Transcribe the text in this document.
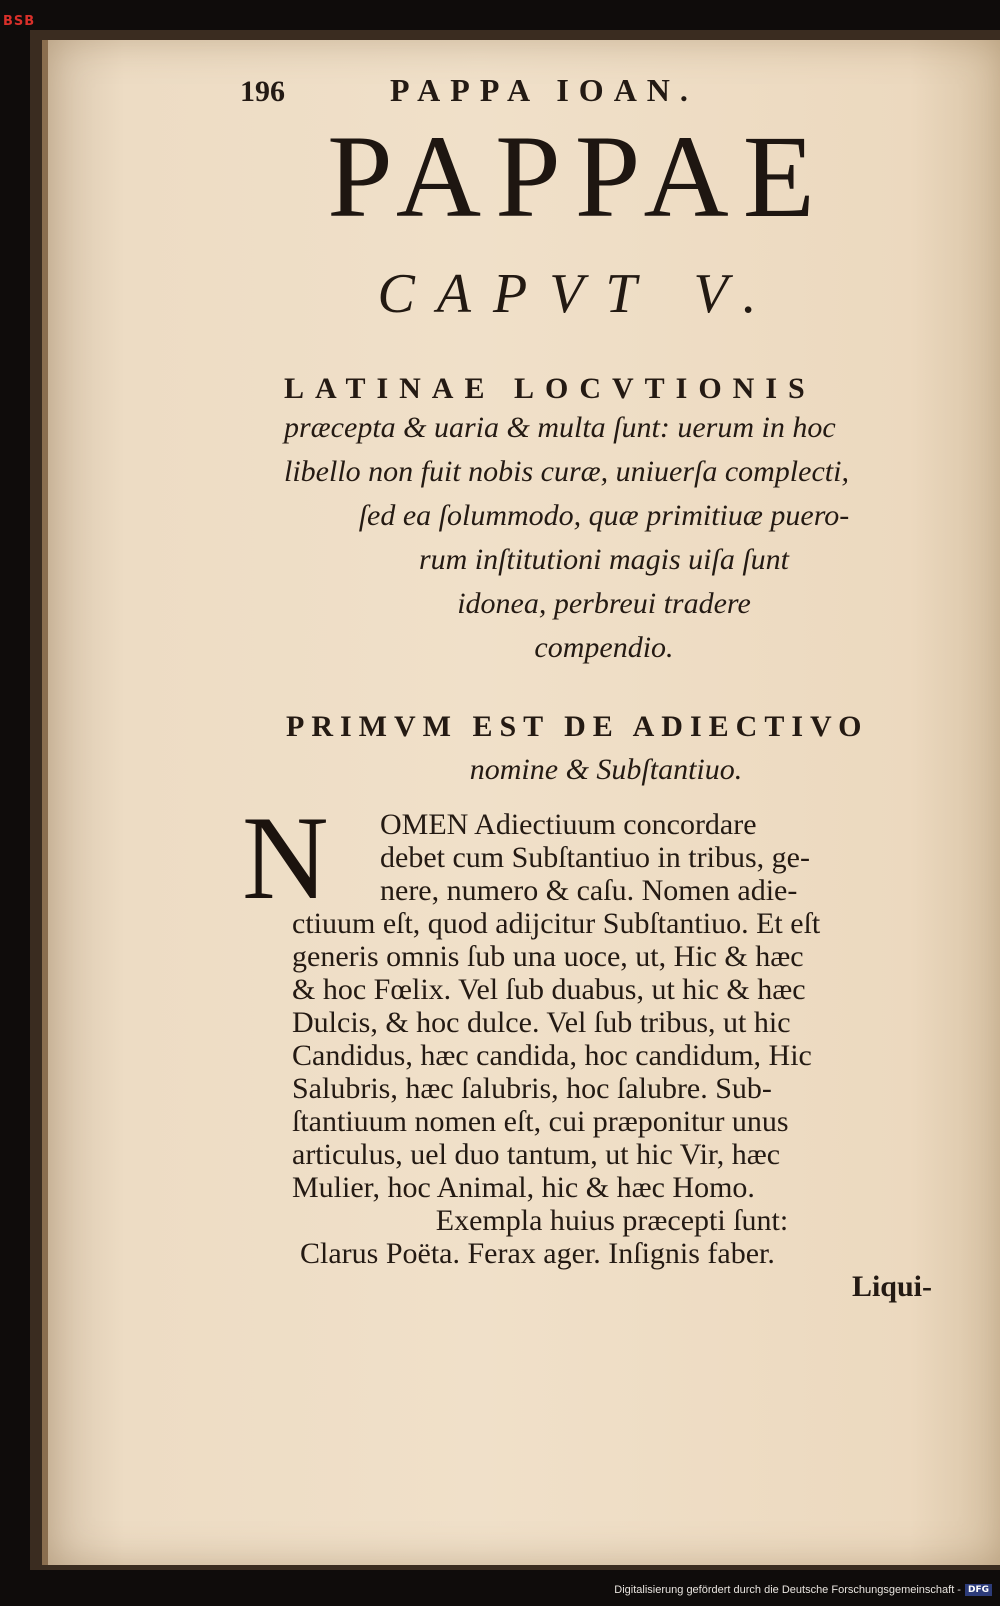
BSB
196	PAPPA IOAN.
PAPPAE
CAPVT V.
LATINAE LOCVTIONIS
præcepta & uaria & multa ſunt: uerum in hoc
libello non fuit nobis curæ, uniuerſa complecti,
ſed ea ſolummodo, quæ primitiuæ puero-
rum inſtitutioni magis uiſa ſunt
idonea, perbreui tradere
compendio.
PRIMVM EST DE ADIECTIVO
nomine & Subſtantiuo.
N OMEN Adiectiuum concordare
debet cum Subſtantiuo in tribus, ge-
nere, numero & caſu. Nomen adie-
ctiuum eſt, quod adijcitur Subſtantiuo. Et eſt
generis omnis ſub una uoce, ut, Hic & hæc
& hoc Fœlix. Vel ſub duabus, ut hic & hæc
Dulcis, & hoc dulce. Vel ſub tribus, ut hic
Candidus, hæc candida, hoc candidum, Hic
Salubris, hæc ſalubris, hoc ſalubre. Sub-
ſtantiuum nomen eſt, cui præponitur unus
articulus, uel duo tantum, ut hic Vir, hæc
Mulier, hoc Animal, hic & hæc Homo.
Exempla huius præcepti ſunt:
Clarus Poëta. Ferax ager. Inſignis faber.
Liqui-
Digitalisierung gefördert durch die Deutsche Forschungsgemeinschaft - DFG
